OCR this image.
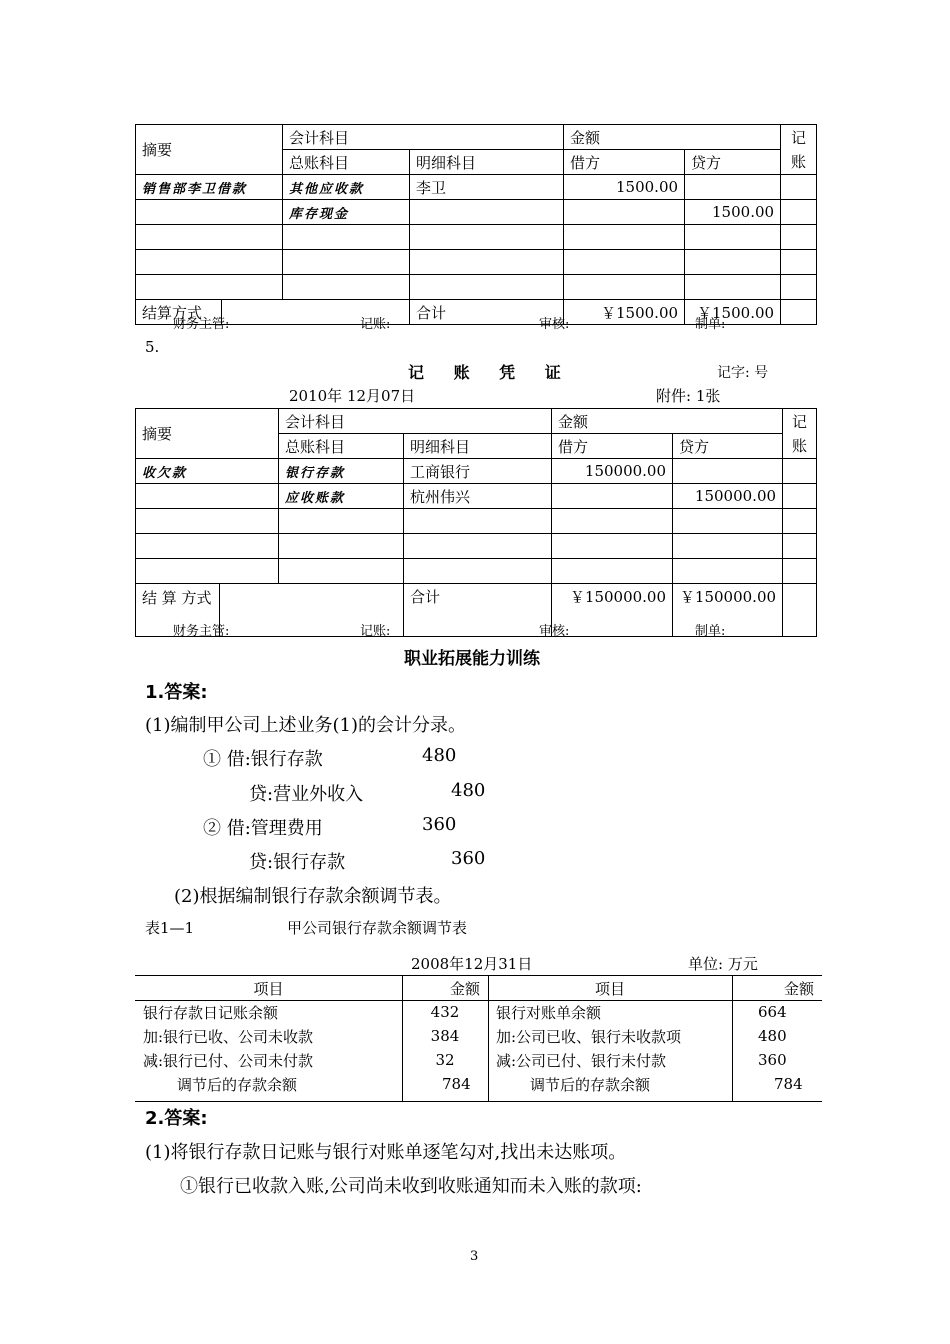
摘要		会计科目		金额		记账
		总账科目	明细科目	借方	贷方	
销售部李卫借款		其他应收款	李卫	1500.00		
		库存现金			1500.00	

结算方式			合计	￥1500.00	￥1500.00	
财务主管:	记账:	审核:	制单:
5.
记 账 凭 证	记字: 号
2010年 12月07日	附件: 1张
摘要		会计科目		金额		记账
		总账科目	明细科目	借方	贷方	
收欠款		银行存款	工商银行	150000.00		
		应收账款	杭州伟兴		150000.00	

结 算 方式			合计	￥150000.00	￥150000.00	
财务主管:	记账:	审核:	制单:
职业拓展能力训练
1.答案:
(1)编制甲公司上述业务(1)的会计分录。
① 借:银行存款	480
贷:营业外收入	480
② 借:管理费用	360
贷:银行存款	360
(2)根据编制银行存款余额调节表。
表1—1	甲公司银行存款余额调节表
2008年12月31日	单位: 万元
项目	金额	项目	金额
银行存款日记账余额	432	银行对账单余额	664
加:银行已收、公司未收款	384	加:公司已收、银行未收款项	480
减:银行已付、公司未付款	32	减:公司已付、银行未付款	360
调节后的存款余额	784	调节后的存款余额	784
2.答案:
(1)将银行存款日记账与银行对账单逐笔勾对,找出未达账项。
①银行已收款入账,公司尚未收到收账通知而未入账的款项:
3
